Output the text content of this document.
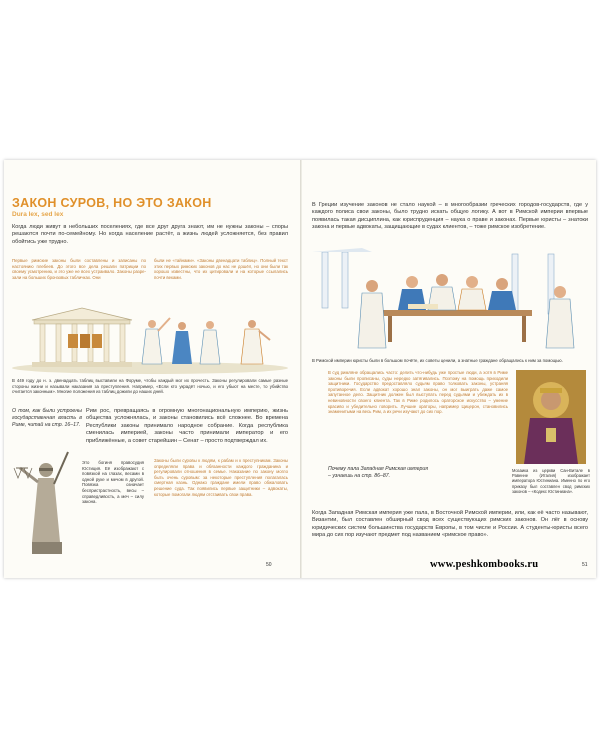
ЗАКОН СУРОВ, НО ЭТО ЗАКОН
Dura lex, sed lex

Когда люди живут в небольших поселениях, где все друг друга знают, им не нужны законы – споры решаются почти по-семейному. Но когда население растёт, а жизнь людей усложняется, без правил обойтись уже трудно.

Первые римские законы были составлены и записаны по настоянию плебеев. До этого все дела решали патриции по своему усмотрению, и это уже не всех устраивало. Законы разрезали на больших бронзовых табличках. Они

были не «тайнами». «Законы двенадцати таблиц». Полный текст этих первых римских законов до нас не дошёл, но они были так хорошо известны, что их цитировали и на которые ссылались почти веками.

В 449 году до н. э. двенадцать таблиц выставили на Форуме, чтобы каждый мог их прочесть. Законы регулировали самые разные стороны жизни и называли наказания за преступления. Например, «Если кто украдёт ночью, и его убьют на месте, то убийство считается законным». Многие положения из таблиц дожили до наших дней.

О том, как были устроены государственная власть в Риме, читай на стр. 16–17.

Это богиня правосудия Юстиция. Её изображают с повязкой на глазах, весами в одной руке и мечом в другой. Повязка означает беспристрастность, весы – справедливость, а меч – силу закона.

Рим рос, превращаясь в огромную многонациональную империю, жизнь общества усложнялась, и законы становились всё сложнее. Во времена Республики законы принимало народное собрание. Когда республика сменилась империей, законы часто принимали император и его приближённые, а совет старейшин – Сенат – просто подтверждал их.

Законы были суровы к людям, к рабам и к преступникам. Законы определяли права и обязанности каждого гражданина и регулировали отношения в семье. Наказание по закону могло быть очень суровым: за некоторые преступления полагалась смертная казнь. Однако граждане имели право обжаловать решение суда. Так появились первые защитники – адвокаты, которые помогали людям отстаивать свои права.

50

В Греции изучение законов не стало наукой – в многообразии греческих городов-государств, где у каждого полиса свои законы, было трудно искать общую логику. А вот в Римской империи впервые появилась такая дисциплина, как юриспруденция – наука о праве и законах. Первые юристы – знатоки закона и первые адвокаты, защищающие в судах клиентов, – тоже римское изобретение.

В Римской империи юристы были в большом почёте, их советы ценили, а знатные граждане обращались к ним за помощью.

В суд римляне обращались часто: делить что-нибудь уже простые люди, а хотя в Риме законы были прописаны, суды нередко затягивались. Поэтому на помощь приходили защитники. Государство предоставляло судьям право толковать законы, устраняя противоречия. Если адвокат хорошо знал законы, он мог выиграть даже самое запутанное дело. Защитник должен был выступать перед судьями и убеждать их в невиновности своего клиента. Так в Риме родилось ораторское искусство – умение красиво и убедительно говорить. Лучшие ораторы, например Цицерон, становились знаменитыми на весь Рим, а их речи изучают до сих пор.

Почему пала Западная Римская империя – узнаешь на стр. 86–87.

Мозаика из церкви Сан-Витале в Равенне (Италия) изображает императора Юстиниана. Именно по его приказу был составлен свод римских законов – «Кодекс Юстиниана».

Когда Западная Римская империя уже пала, в Восточной Римской империи, или, как её часто называют, Византии, был составлен обширный свод всех существующих римских законов. Он лёг в основу юридических систем большинства государств Европы, в том числе и России. А студенты-юристы всего мира до сих пор изучают предмет под названием «римское право».

51
www.peshkombooks.ru
